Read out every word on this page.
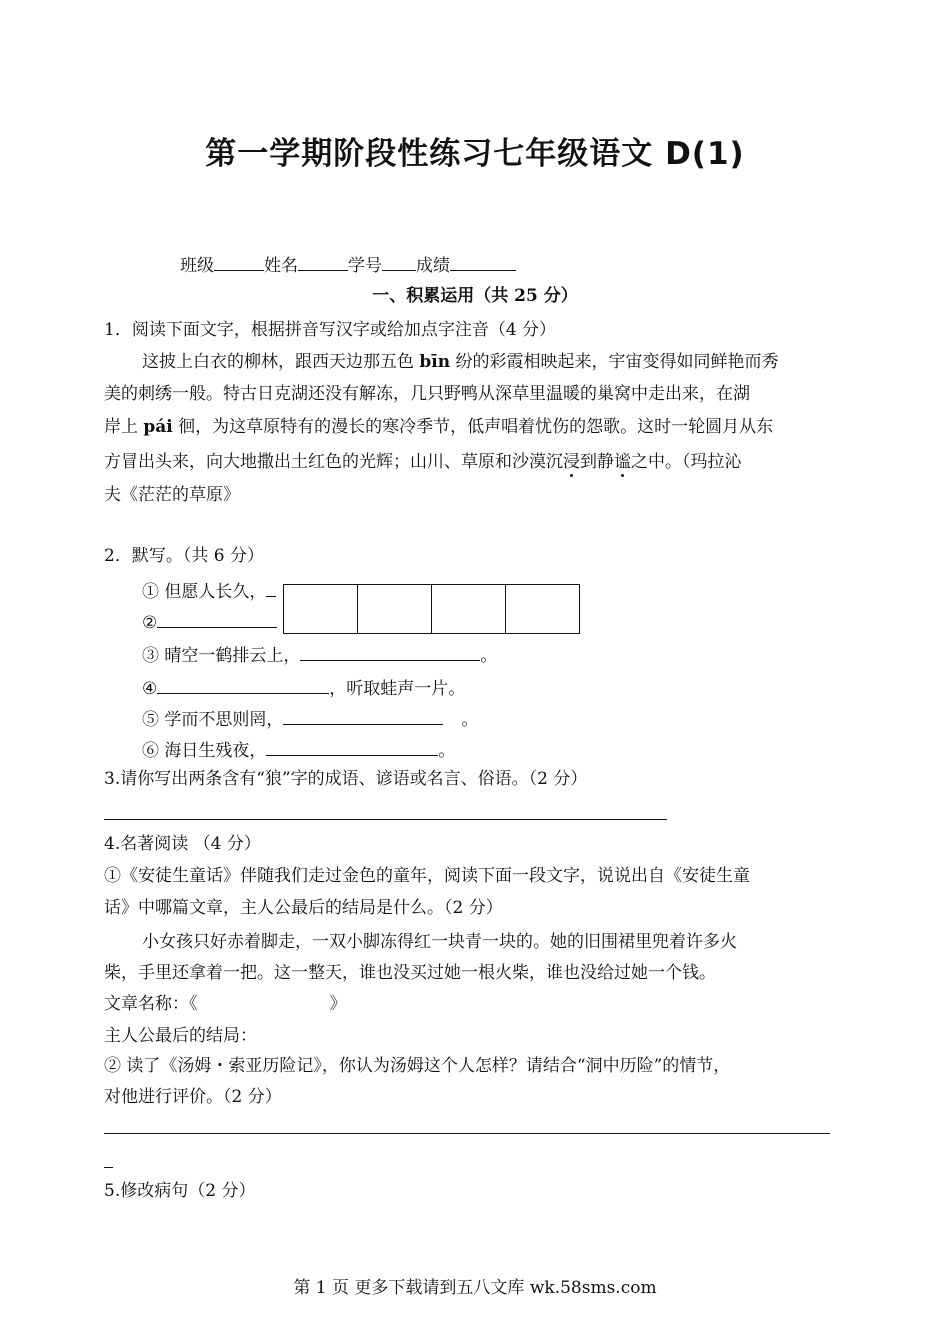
第一学期阶段性练习七年级语文 D(1)
班级	姓名	学号 成绩
一、积累运用（共 25 分）
1．阅读下面文字，根据拼音写汉字或给加点字注音（4 分）
这披上白衣的柳林，跟西天边那五色 bīn 纷的彩霞相映起来，宇宙变得如同鲜艳而秀
美的刺绣一般。特古日克湖还没有解冻，几只野鸭从深草里温暖的巢窝中走出来，在湖
岸上 pái 徊，为这草原特有的漫长的寒冷季节，低声唱着忧伤的怨歌。这时一轮圆月从东
方冒出头来，向大地撒出土红色的光辉；山川、草原和沙漠沉浸到静谧之中。（玛拉沁
夫《茫茫的草原》
2．默写。（共 6 分）
① 但愿人长久，
②
③ 晴空一鹤排云上，	。
④	，听取蛙声一片。
⑤ 学而不思则罔，	。
⑥ 海日生残夜，	。
3.请你写出两条含有“狼”字的成语、谚语或名言、俗语。（2 分）
4.名著阅读 （4 分）
①《安徒生童话》伴随我们走过金色的童年，阅读下面一段文字，说说出自《安徒生童
话》中哪篇文章，主人公最后的结局是什么。（2 分）
小女孩只好赤着脚走，一双小脚冻得红一块青一块的。她的旧围裙里兜着许多火
柴，手里还拿着一把。这一整天，谁也没买过她一根火柴，谁也没给过她一个钱。
文章名称：《	》
主人公最后的结局：
② 读了《汤姆・索亚历险记》，你认为汤姆这个人怎样？请结合“洞中历险”的情节，
对他进行评价。（2 分）
5.修改病句（2 分）
第 1 页 更多下载请到五八文库 wk.58sms.com
